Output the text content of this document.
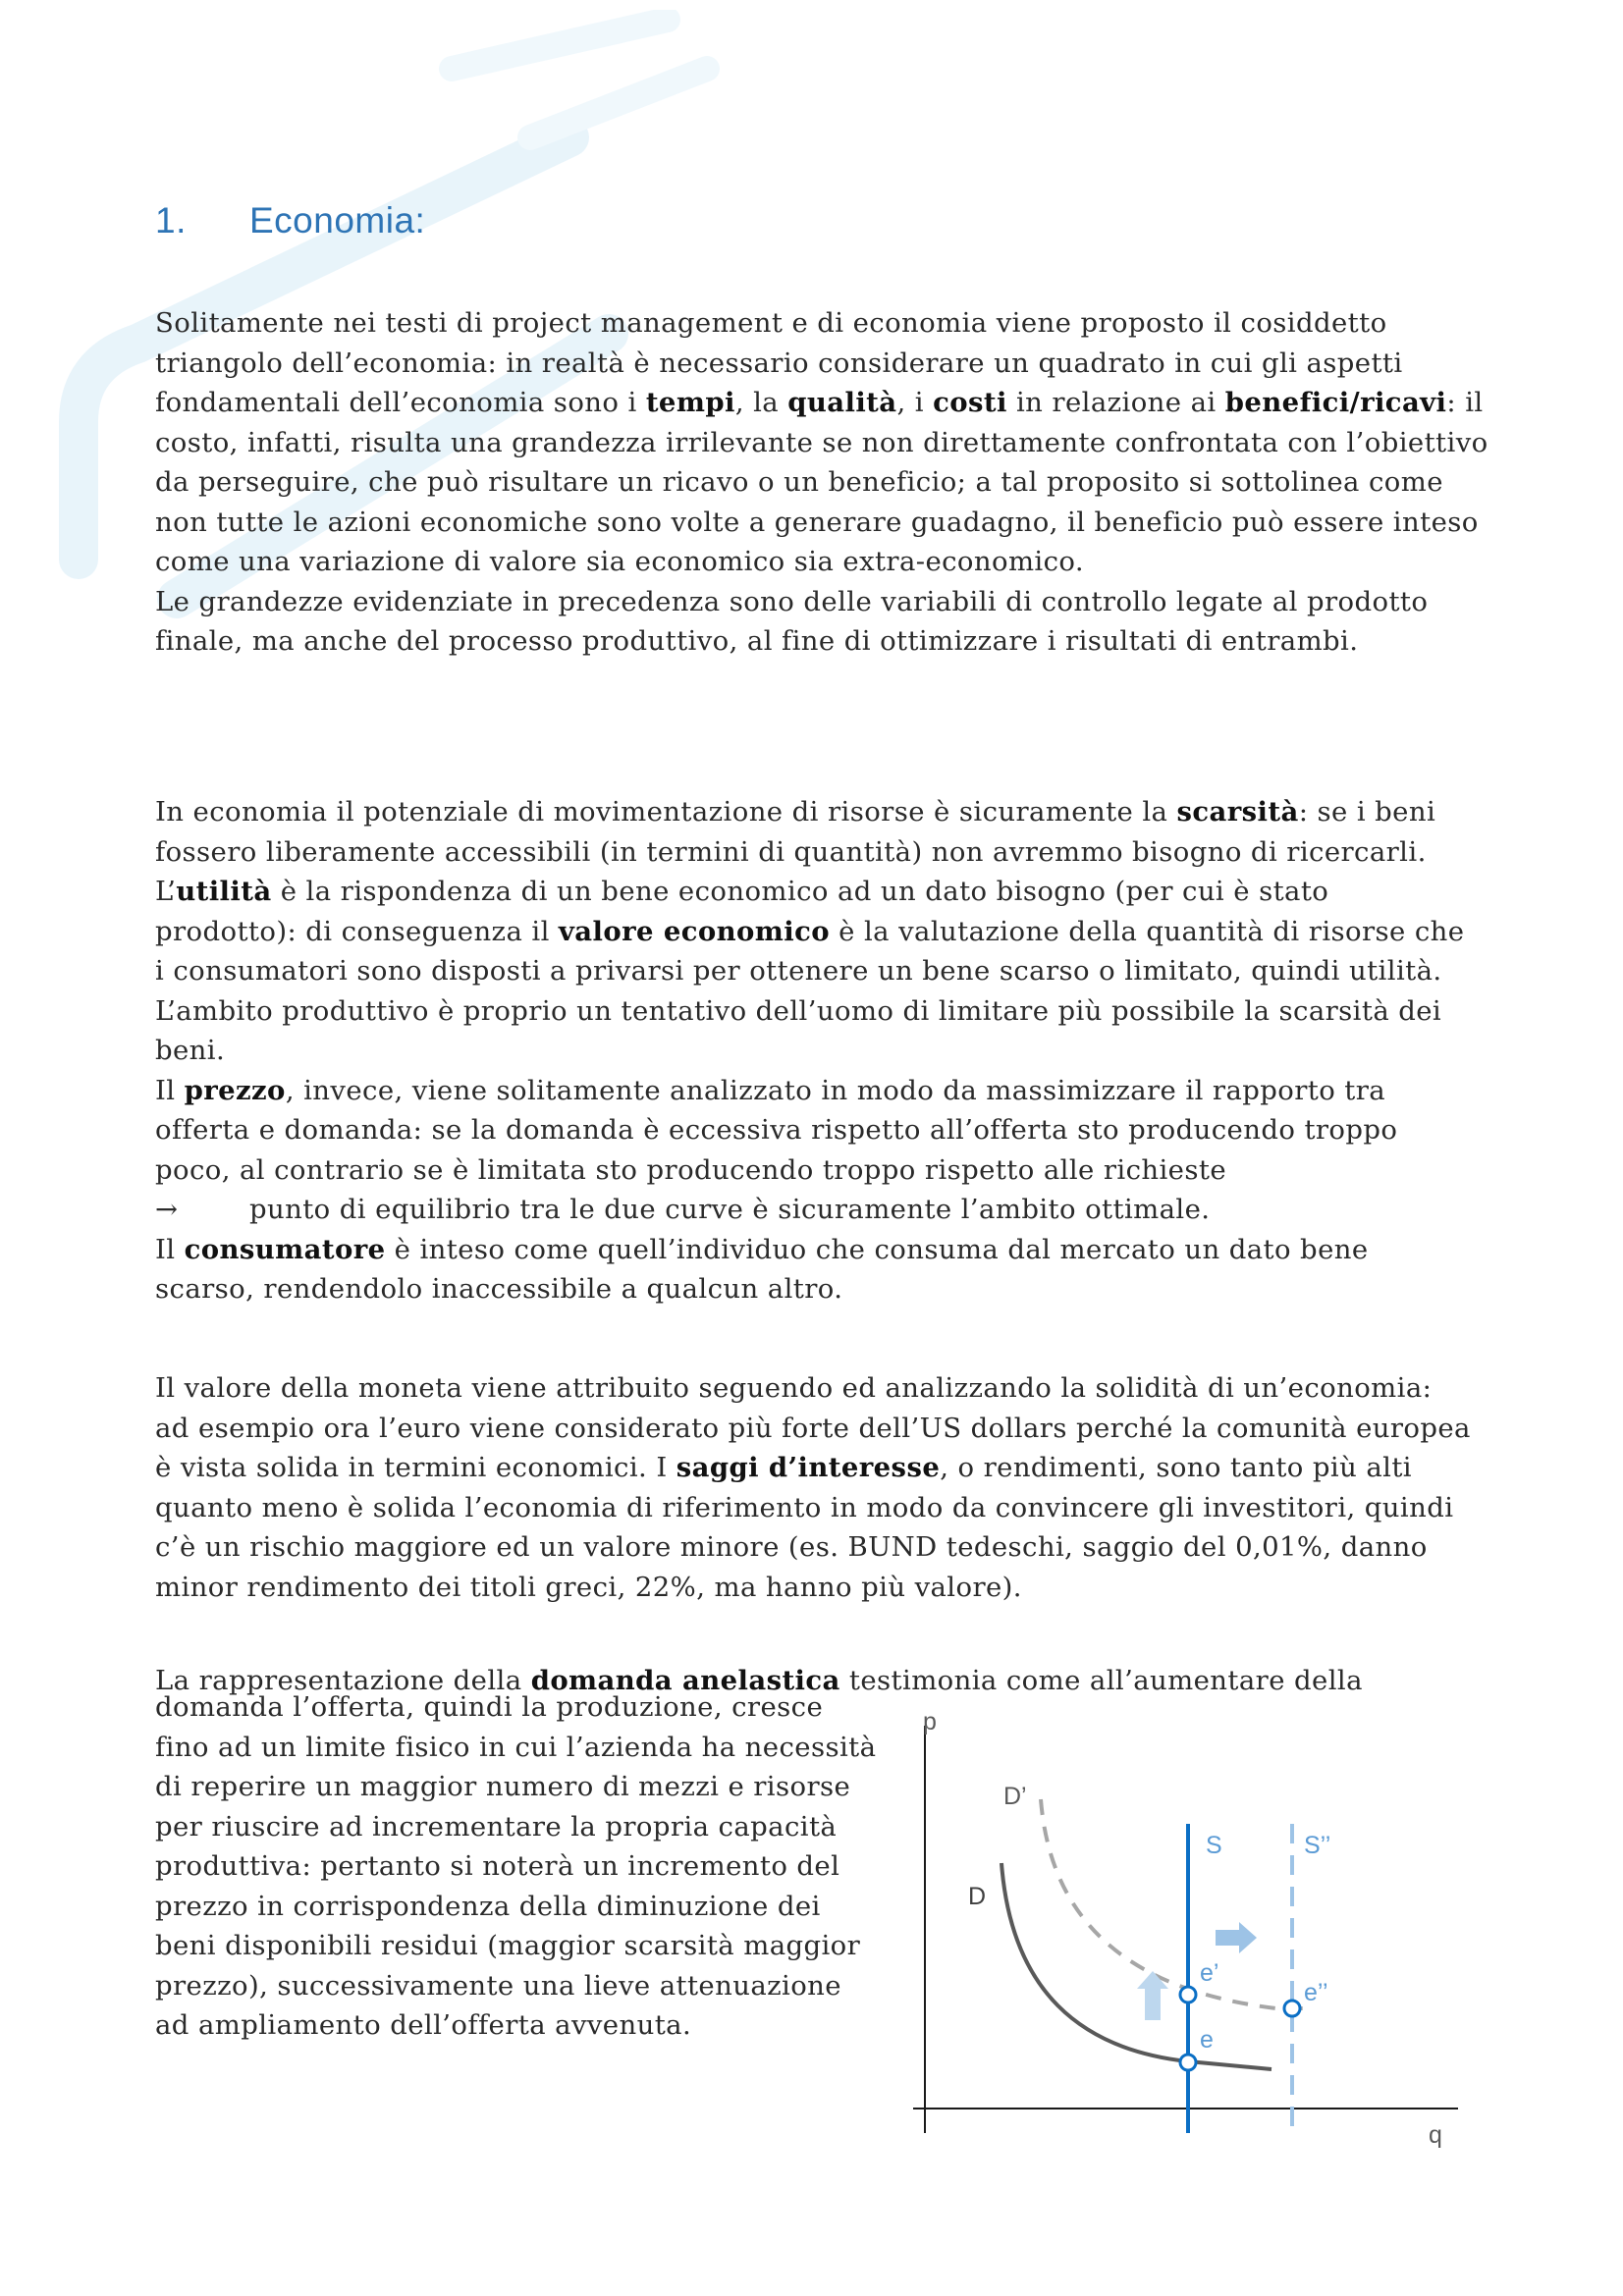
1. Economia:
Solitamente nei testi di project management e di economia viene proposto il cosiddetto triangolo dell’economia: in realtà è necessario considerare un quadrato in cui gli aspetti fondamentali dell’economia sono i tempi, la qualità, i costi in relazione ai benefici/ricavi: il costo, infatti, risulta una grandezza irrilevante se non direttamente confrontata con l’obiettivo da perseguire, che può risultare un ricavo o un beneficio; a tal proposito si sottolinea come non tutte le azioni economiche sono volte a generare guadagno, il beneficio può essere inteso come una variazione di valore sia economico sia extra-economico.
Le grandezze evidenziate in precedenza sono delle variabili di controllo legate al prodotto finale, ma anche del processo produttivo, al fine di ottimizzare i risultati di entrambi.
In economia il potenziale di movimentazione di risorse è sicuramente la scarsità: se i beni fossero liberamente accessibili (in termini di quantità) non avremmo bisogno di ricercarli.
L’utilità è la rispondenza di un bene economico ad un dato bisogno (per cui è stato prodotto): di conseguenza il valore economico è la valutazione della quantità di risorse che i consumatori sono disposti a privarsi per ottenere un bene scarso o limitato, quindi utilità. L’ambito produttivo è proprio un tentativo dell’uomo di limitare più possibile la scarsità dei beni.
Il prezzo, invece, viene solitamente analizzato in modo da massimizzare il rapporto tra offerta e domanda: se la domanda è eccessiva rispetto all’offerta sto producendo troppo poco, al contrario se è limitata sto producendo troppo rispetto alle richieste
→	punto di equilibrio tra le due curve è sicuramente l’ambito ottimale.
Il consumatore è inteso come quell’individuo che consuma dal mercato un dato bene scarso, rendendolo inaccessibile a qualcun altro.
Il valore della moneta viene attribuito seguendo ed analizzando la solidità di un’economia: ad esempio ora l’euro viene considerato più forte dell’US dollars perché la comunità europea è vista solida in termini economici. I saggi d’interesse, o rendimenti, sono tanto più alti quanto meno è solida l’economia di riferimento in modo da convincere gli investitori, quindi c’è un rischio maggiore ed un valore minore (es. BUND tedeschi, saggio del 0,01%, danno minor rendimento dei titoli greci, 22%, ma hanno più valore).
La rappresentazione della domanda anelastica testimonia come all’aumentare della
domanda l’offerta, quindi la produzione, cresce fino ad un limite fisico in cui l’azienda ha necessità di reperire un maggior numero di mezzi e risorse per riuscire ad incrementare la propria capacità produttiva: pertanto si noterà un incremento del prezzo in corrispondenza della diminuzione dei beni disponibili residui (maggior scarsità maggior prezzo), successivamente una lieve attenuazione ad ampliamento dell’offerta avvenuta.
p
q
D’
D
S	S’’
e’
e
e’’
